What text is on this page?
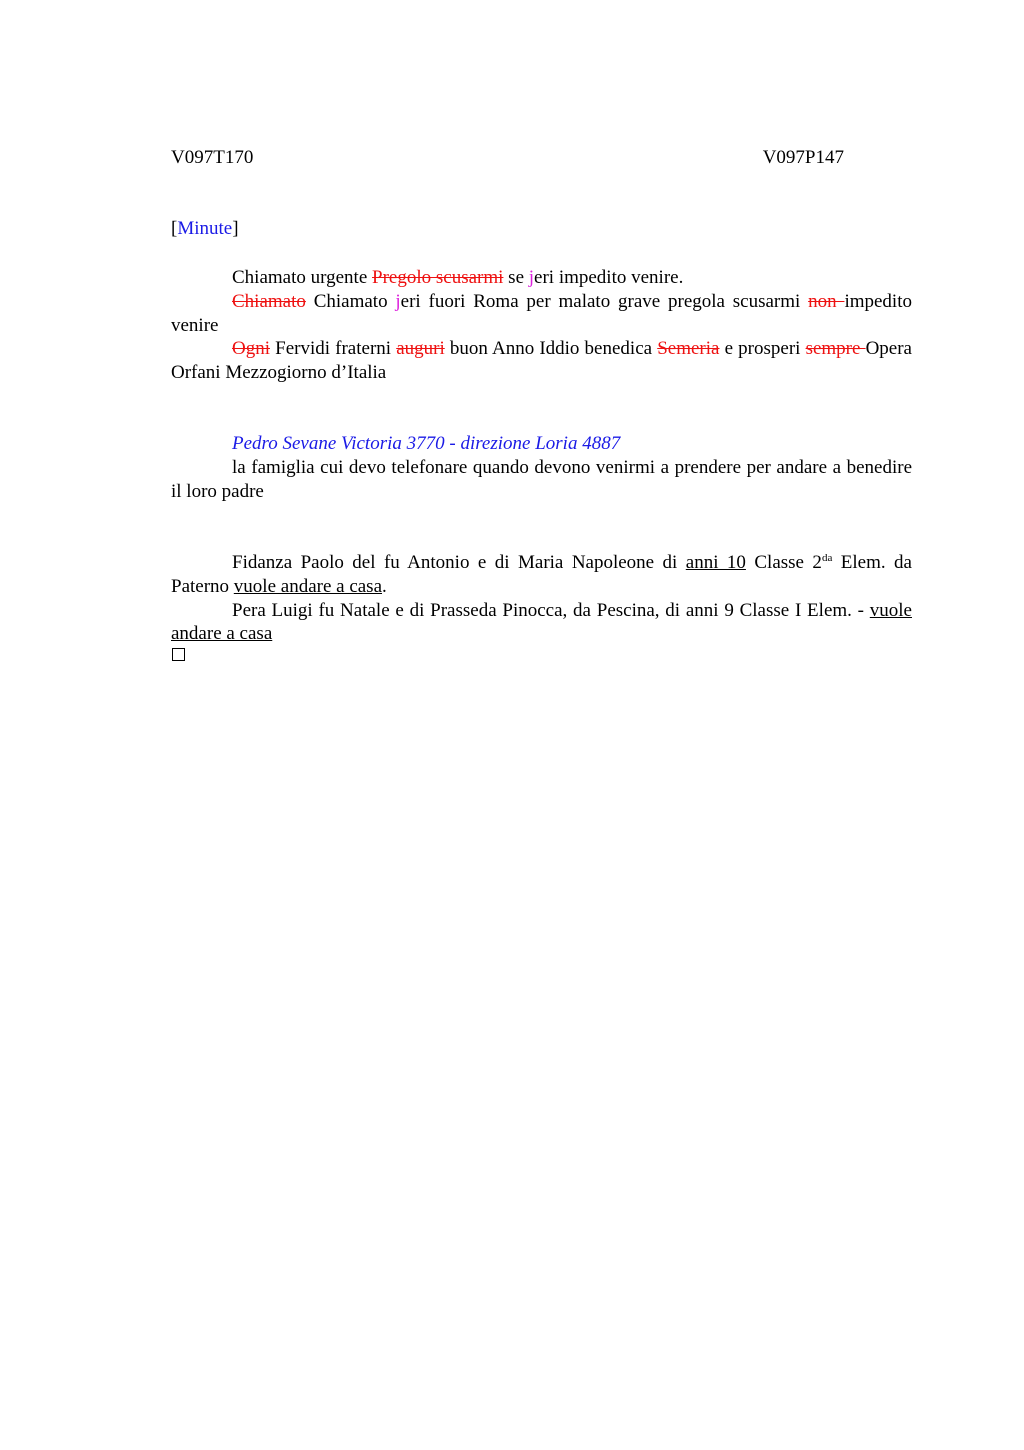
V097T170	V097P147
[Minute]

Chiamato urgente Pregolo scusarmi se jeri impedito venire.

Chiamato Chiamato jeri fuori Roma per malato grave pregola scusarmi non impedito venire

Ogni Fervidi fraterni auguri buon Anno Iddio benedica Semeria e prosperi sempre Opera Orfani Mezzogiorno d’Italia

Pedro Sevane Victoria 3770 - direzione Loria 4887

la famiglia cui devo telefonare quando devono venirmi a prendere per andare a benedire il loro padre

Fidanza Paolo del fu Antonio e di Maria Napoleone di anni 10 Classe $2^{da}$ Elem. da Paterno vuole andare a casa.

Pera Luigi fu Natale e di Prasseda Pinocca, da Pescina, di anni 9 Classe I Elem. - vuole andare a casa
